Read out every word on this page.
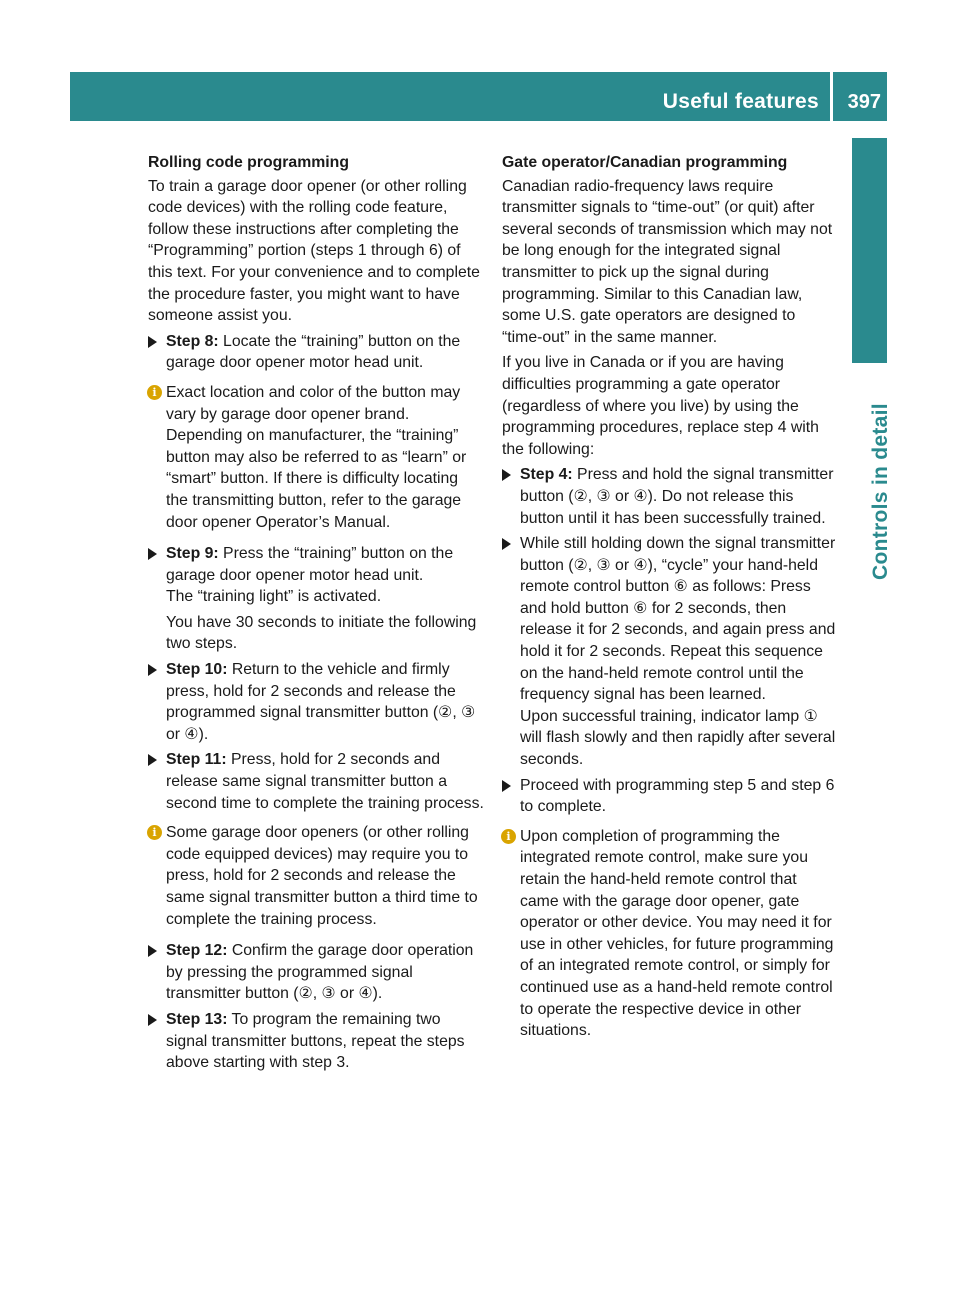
Useful features 397
Controls in detail
Rolling code programming

To train a garage door opener (or other rolling code devices) with the rolling code feature, follow these instructions after completing the “Programming” portion (steps 1 through 6) of this text. For your convenience and to complete the procedure faster, you might want to have someone assist you.

Step 8: Locate the “training” button on the garage door opener motor head unit.
i Exact location and color of the button may vary by garage door opener brand. Depending on manufacturer, the “training” button may also be referred to as “learn” or “smart” button. If there is difficulty locating the transmitting button, refer to the garage door opener Operator’s Manual.
Step 9: Press the “training” button on the garage door opener motor head unit.
The “training light” is activated.
You have 30 seconds to initiate the following two steps.
Step 10: Return to the vehicle and firmly press, hold for 2 seconds and release the programmed signal transmitter button (②, ③ or ④).
Step 11: Press, hold for 2 seconds and release same signal transmitter button a second time to complete the training process.
i Some garage door openers (or other rolling code equipped devices) may require you to press, hold for 2 seconds and release the same signal transmitter button a third time to complete the training process.
Step 12: Confirm the garage door operation by pressing the programmed signal transmitter button (②, ③ or ④).
Step 13: To program the remaining two signal transmitter buttons, repeat the steps above starting with step 3.
Gate operator/Canadian programming

Canadian radio-frequency laws require transmitter signals to “time-out” (or quit) after several seconds of transmission which may not be long enough for the integrated signal transmitter to pick up the signal during programming. Similar to this Canadian law, some U.S. gate operators are designed to “time-out” in the same manner.

If you live in Canada or if you are having difficulties programming a gate operator (regardless of where you live) by using the programming procedures, replace step 4 with the following:

Step 4: Press and hold the signal transmitter button (②, ③ or ④). Do not release this button until it has been successfully trained.
While still holding down the signal transmitter button (②, ③ or ④), “cycle” your hand-held remote control button ⑥ as follows: Press and hold button ⑥ for 2 seconds, then release it for 2 seconds, and again press and hold it for 2 seconds. Repeat this sequence on the hand-held remote control until the frequency signal has been learned.
Upon successful training, indicator lamp ① will flash slowly and then rapidly after several seconds.
Proceed with programming step 5 and step 6 to complete.
i Upon completion of programming the integrated remote control, make sure you retain the hand-held remote control that came with the garage door opener, gate operator or other device. You may need it for use in other vehicles, for future programming of an integrated remote control, or simply for continued use as a hand-held remote control to operate the respective device in other situations.
